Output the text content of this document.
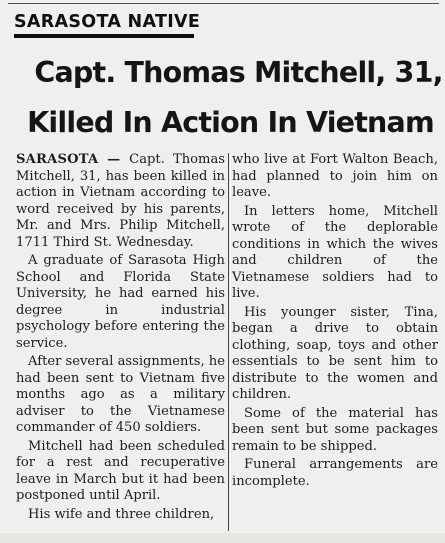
SARASOTA NATIVE
Capt. Thomas Mitchell, 31,
Killed In Action In Vietnam

SARASOTA — Capt. Thomas Mitchell, 31, has been killed in action in Vietnam according to word received by his parents, Mr. and Mrs. Philip Mitchell, 1711 Third St. Wednesday.

A graduate of Sarasota High School and Florida State University, he had earned his degree in industrial psychology before entering the service.

After several assignments, he had been sent to Vietnam five months ago as a military adviser to the Vietnamese commander of 450 soldiers.

Mitchell had been scheduled for a rest and recuperative leave in March but it had been postponed until April.

His wife and three children,

who live at Fort Walton Beach, had planned to join him on leave.

In letters home, Mitchell wrote of the deplorable conditions in which the wives and children of the Vietnamese soldiers had to live.

His younger sister, Tina, began a drive to obtain clothing, soap, toys and other essentials to be sent him to distribute to the women and children.

Some of the material has been sent but some packages remain to be shipped.

Funeral arrangements are incomplete.
